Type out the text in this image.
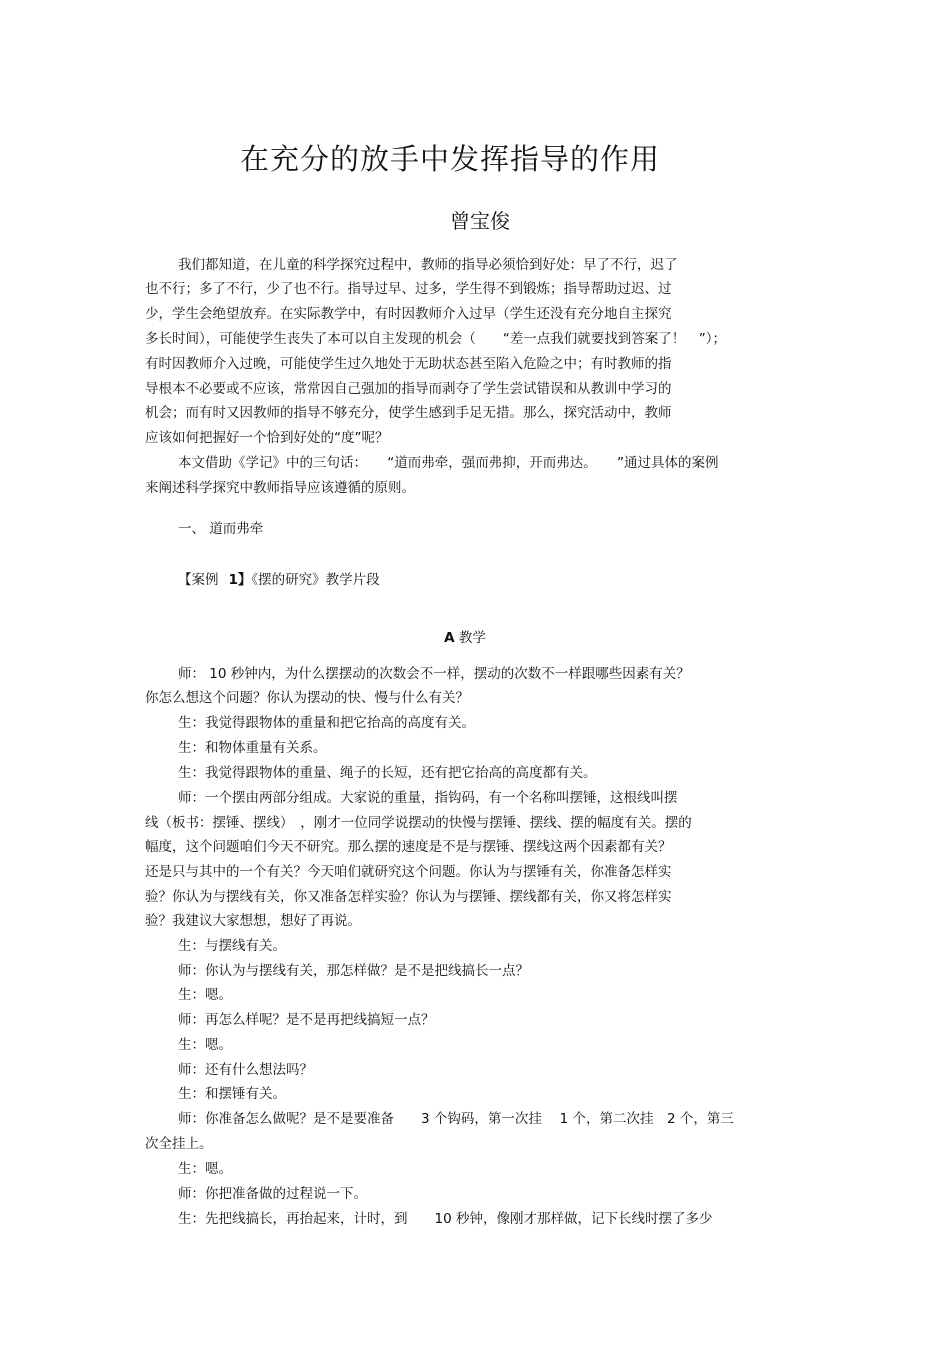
在充分的放手中发挥指导的作用
曾宝俊
我们都知道，在儿童的科学探究过程中，教师的指导必须恰到好处：早了不行，迟了
也不行；多了不行，少了也不行。指导过早、过多，学生得不到锻炼；指导帮助过迟、过
少，学生会绝望放弃。在实际教学中，有时因教师介入过早（学生还没有充分地自主探究
多长时间），可能使学生丧失了本可以自主发现的机会（　　“差一点我们就要找到答案了！　”）；
有时因教师介入过晚，可能使学生过久地处于无助状态甚至陷入危险之中；有时教师的指
导根本不必要或不应该，常常因自己强加的指导而剥夺了学生尝试错误和从教训中学习的
机会；而有时又因教师的指导不够充分，使学生感到手足无措。那么，探究活动中，教师
应该如何把握好一个恰到好处的“度”呢？
本文借助《学记》中的三句话：　　“道而弗牵，强而弗抑，开而弗达。　　”通过具体的案例
来阐述科学探究中教师指导应该遵循的原则。
一、 道而弗牵
【案例 1】《摆的研究》教学片段
A 教学
师： 10 秒钟内，为什么摆摆动的次数会不一样，摆动的次数不一样跟哪些因素有关？
你怎么想这个问题？你认为摆动的快、慢与什么有关？
生：我觉得跟物体的重量和把它抬高的高度有关。
生：和物体重量有关系。
生：我觉得跟物体的重量、绳子的长短，还有把它抬高的高度都有关。
师：一个摆由两部分组成。大家说的重量，指钩码，有一个名称叫摆锤，这根线叫摆
线（板书：摆锤、摆线）　，刚才一位同学说摆动的快慢与摆锤、摆线、摆的幅度有关。摆的
幅度，这个问题咱们今天不研究。那么摆的速度是不是与摆锤、摆线这两个因素都有关？
还是只与其中的一个有关？今天咱们就研究这个问题。你认为与摆锤有关，你准备怎样实
验？你认为与摆线有关，你又准备怎样实验？你认为与摆锤、摆线都有关，你又将怎样实
验？我建议大家想想，想好了再说。
生：与摆线有关。
师：你认为与摆线有关，那怎样做？是不是把线搞长一点？
生：嗯。
师：再怎么样呢？是不是再把线搞短一点？
生：嗯。
师：还有什么想法吗？
生：和摆锤有关。
师：你准备怎么做呢？是不是要准备　　3 个钩码，第一次挂　 1 个，第二次挂　2 个，第三
次全挂上。
生：嗯。
师：你把准备做的过程说一下。
生：先把线搞长，再抬起来，计时，到　　10 秒钟，像刚才那样做，记下长线时摆了多少
